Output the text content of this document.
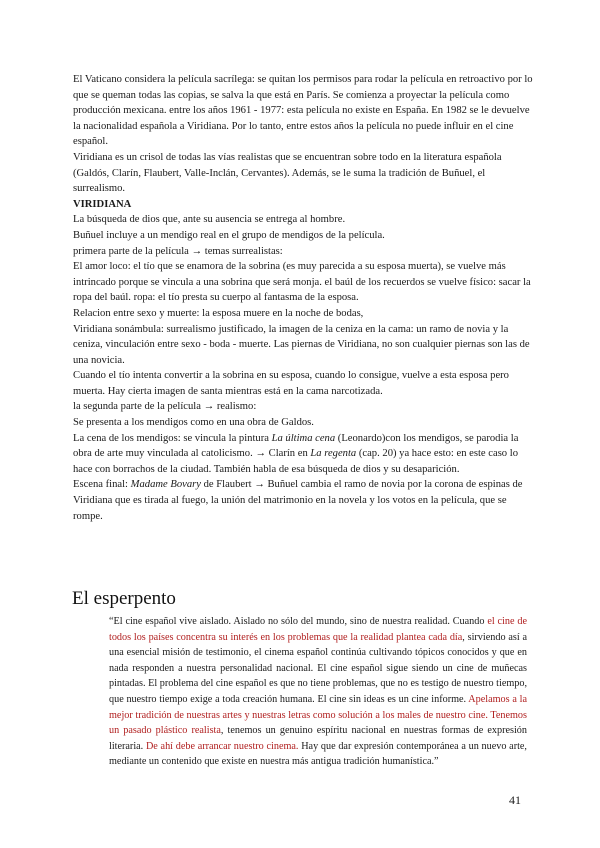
El Vaticano considera la película sacrílega: se quitan los permisos para rodar la película en retroactivo por lo que se queman todas las copias, se salva la que está en París. Se comienza a proyectar la película como producción mexicana. entre los años 1961 - 1977: esta película no existe en España. En 1982 se le devuelve la nacionalidad española a Viridiana. Por lo tanto, entre estos años la película no puede influir en el cine español.

Viridiana es un crisol de todas las vías realistas que se encuentran sobre todo en la literatura española (Galdós, Clarín, Flaubert, Valle-Inclán, Cervantes). Además, se le suma la tradición de Buñuel, el surrealismo.

VIRIDIANA

La búsqueda de dios que, ante su ausencia se entrega al hombre.

Buñuel incluye a un mendigo real en el grupo de mendigos de la película.

primera parte de la película → temas surrealistas:

El amor loco: el tío que se enamora de la sobrina (es muy parecida a su esposa muerta), se vuelve más intrincado porque se vincula a una sobrina que será monja. el baúl de los recuerdos se vuelve físico: sacar la ropa del baúl. ropa: el tío presta su cuerpo al fantasma de la esposa.

Relacion entre sexo y muerte: la esposa muere en la noche de bodas,

Viridiana sonámbula: surrealismo justificado, la imagen de la ceniza en la cama: un ramo de novia y la ceniza, vinculación entre sexo - boda - muerte. Las piernas de Viridiana, no son cualquier piernas son las de una novicia.

Cuando el tío intenta convertir a la sobrina en su esposa, cuando lo consigue, vuelve a esta esposa pero muerta. Hay cierta imagen de santa mientras está en la cama narcotizada.

la segunda parte de la película → realismo:

Se presenta a los mendigos como en una obra de Galdos.

La cena de los mendigos: se vincula la pintura La última cena (Leonardo)con los mendigos, se parodia la obra de arte muy vinculada al catolicismo. → Clarín en La regenta (cap. 20) ya hace esto: en este caso lo hace con borrachos de la ciudad. También habla de esa búsqueda de dios y su desaparición.

Escena final: Madame Bovary de Flaubert → Buñuel cambia el ramo de novia por la corona de espinas de Viridiana que es tirada al fuego, la unión del matrimonio en la novela y los votos en la película, que se rompe.

El esperpento

“El cine español vive aislado. Aislado no sólo del mundo, sino de nuestra realidad. Cuando el cine de todos los países concentra su interés en los problemas que la realidad plantea cada día, sirviendo así a una esencial misión de testimonio, el cinema español continúa cultivando tópicos conocidos y que en nada responden a nuestra personalidad nacional. El cine español sigue siendo un cine de muñecas pintadas. El problema del cine español es que no tiene problemas, que no es testigo de nuestro tiempo, que nuestro tiempo exige a toda creación humana. El cine sin ideas es un cine informe. Apelamos a la mejor tradición de nuestras artes y nuestras letras como solución a los males de nuestro cine. Tenemos un pasado plástico realista, tenemos un genuino espíritu nacional en nuestras formas de expresión literaria. De ahí debe arrancar nuestro cinema. Hay que dar expresión contemporánea a un nuevo arte, mediante un contenido que existe en nuestra más antigua tradición humanística.”

41
